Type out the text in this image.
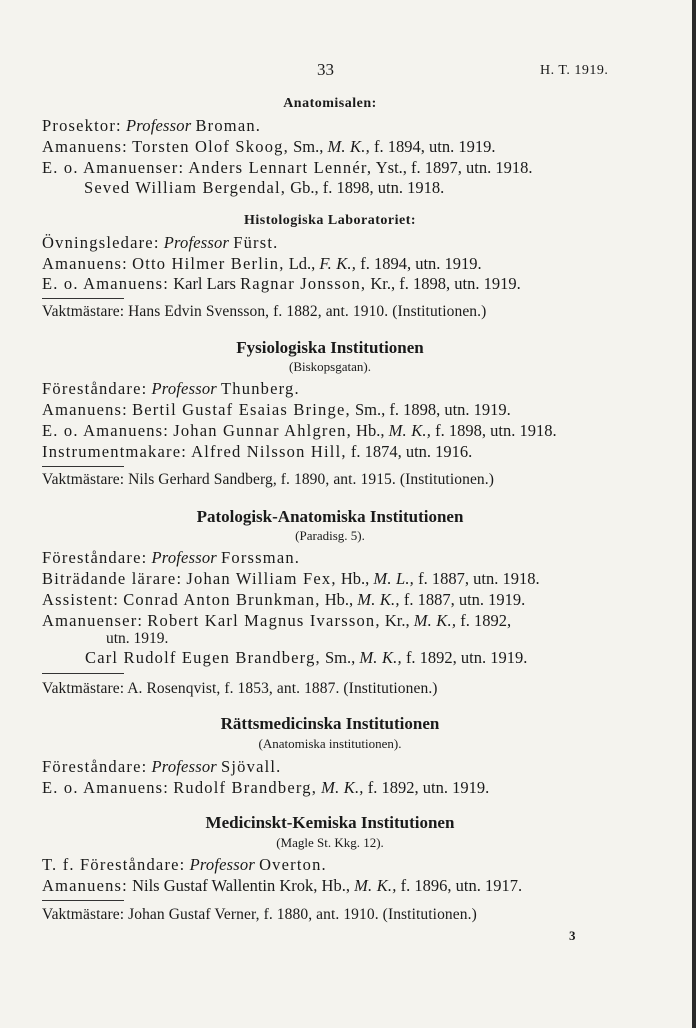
33	H. T. 1919.
Anatomisalen:
Prosektor: Professor Broman.
Amanuens: Torsten Olof Skoog, Sm., M. K., f. 1894, utn. 1919.
E. o. Amanuenser: Anders Lennart Lennér, Yst., f. 1897, utn. 1918.
Seved William Bergendal, Gb., f. 1898, utn. 1918.
Histologiska Laboratoriet:
Övningsledare: Professor Fürst.
Amanuens: Otto Hilmer Berlin, Ld., F. K., f. 1894, utn. 1919.
E. o. Amanuens: Karl Lars Ragnar Jonsson, Kr., f. 1898, utn. 1919.
Vaktmästare: Hans Edvin Svensson, f. 1882, ant. 1910. (Institutionen.)
Fysiologiska Institutionen
(Biskopsgatan).
Föreståndare: Professor Thunberg.
Amanuens: Bertil Gustaf Esaias Bringe, Sm., f. 1898, utn. 1919.
E. o. Amanuens: Johan Gunnar Ahlgren, Hb., M. K., f. 1898, utn. 1918.
Instrumentmakare: Alfred Nilsson Hill, f. 1874, utn. 1916.
Vaktmästare: Nils Gerhard Sandberg, f. 1890, ant. 1915. (Institutionen.)
Patologisk-Anatomiska Institutionen
(Paradisg. 5).
Föreståndare: Professor Forssman.
Biträdande lärare: Johan William Fex, Hb., M. L., f. 1887, utn. 1918.
Assistent: Conrad Anton Brunkman, Hb., M. K., f. 1887, utn. 1919.
Amanuenser: Robert Karl Magnus Ivarsson, Kr., M. K., f. 1892,
utn. 1919.
Carl Rudolf Eugen Brandberg, Sm., M. K., f. 1892, utn. 1919.
Vaktmästare: A. Rosenqvist, f. 1853, ant. 1887. (Institutionen.)
Rättsmedicinska Institutionen
(Anatomiska institutionen).
Föreståndare: Professor Sjövall.
E. o. Amanuens: Rudolf Brandberg, M. K., f. 1892, utn. 1919.
Medicinskt-Kemiska Institutionen
(Magle St. Kkg. 12).
T. f. Föreståndare: Professor Overton.
Amanuens: Nils Gustaf Wallentin Krok, Hb., M. K., f. 1896, utn. 1917.
Vaktmästare: Johan Gustaf Verner, f. 1880, ant. 1910. (Institutionen.)
3
